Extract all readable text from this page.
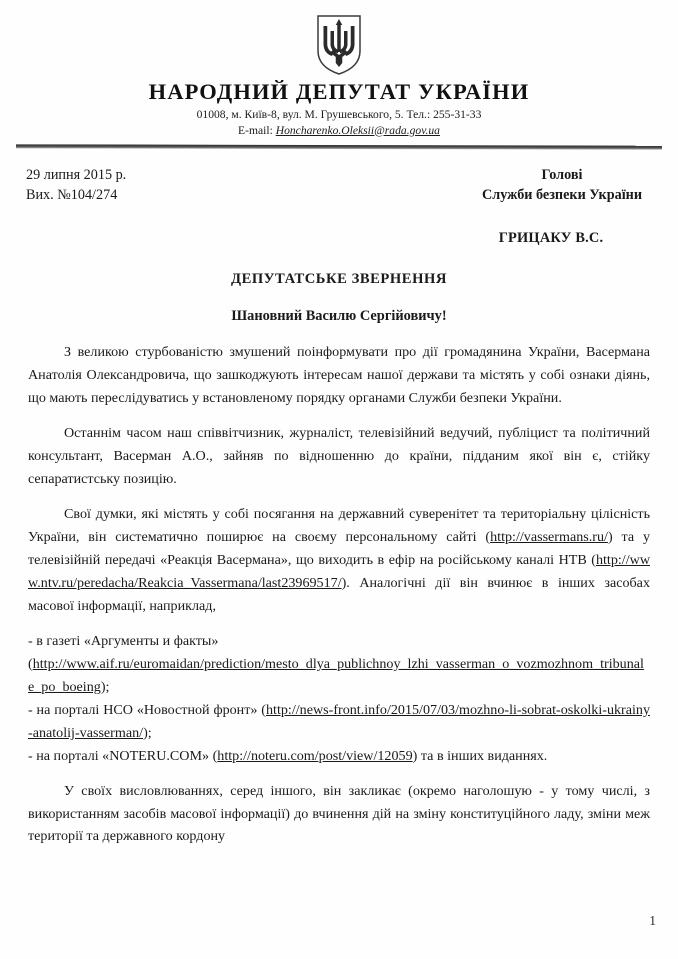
НАРОДНИЙ ДЕПУТАТ УКРАЇНИ
01008, м. Київ-8, вул. М. Грушевського, 5. Тел.: 255-31-33
E-mail: Honcharenko.Oleksii@rada.gov.ua
29 липня 2015 р.
Вих. №104/274
Голові
Служби безпеки України
ГРИЦАКУ В.С.
ДЕПУТАТСЬКЕ ЗВЕРНЕННЯ
Шановний Василю Сергійовичу!

З великою стурбованістю змушений поінформувати про дії громадянина України, Васермана Анатолія Олександровича, що зашкоджують інтересам нашої держави та містять у собі ознаки діянь, що мають переслідуватись у встановленому порядку органами Служби безпеки України.

Останнім часом наш співвітчизник, журналіст, телевізійний ведучий, публіцист та політичний консультант, Васерман А.О., зайняв по відношенню до країни, підданим якої він є, стійку сепаратистську позицію.

Свої думки, які містять у собі посягання на державний суверенітет та територіальну цілісність України, він систематично поширює на своєму персональному сайті (http://vassermans.ru/) та у телевізійній передачі «Реакція Васермана», що виходить в ефір на російському каналі НТВ (http://www.ntv.ru/peredacha/Reakcia_Vassermana/last23969517/). Аналогічні дії він вчинює в інших засобах масової інформації, наприклад,

- в газеті «Аргументы и факты»
(http://www.aif.ru/euromaidan/prediction/mesto_dlya_publichnoy_lzhi_vasserman_o_vozmozhnom_tribunale_po_boeing);

- на порталі НСО «Новостной фронт» (http://news-front.info/2015/07/03/mozhno-li-sobrat-oskolki-ukrainy-anatolij-vasserman/);

- на порталі «NOTERU.COM» (http://noteru.com/post/view/12059) та в інших виданнях.

У своїх висловлюваннях, серед іншого, він закликає (окремо наголошую - у тому числі, з використанням засобів масової інформації) до вчинення дій на зміну конституційного ладу, зміни меж території та державного кордону

1
